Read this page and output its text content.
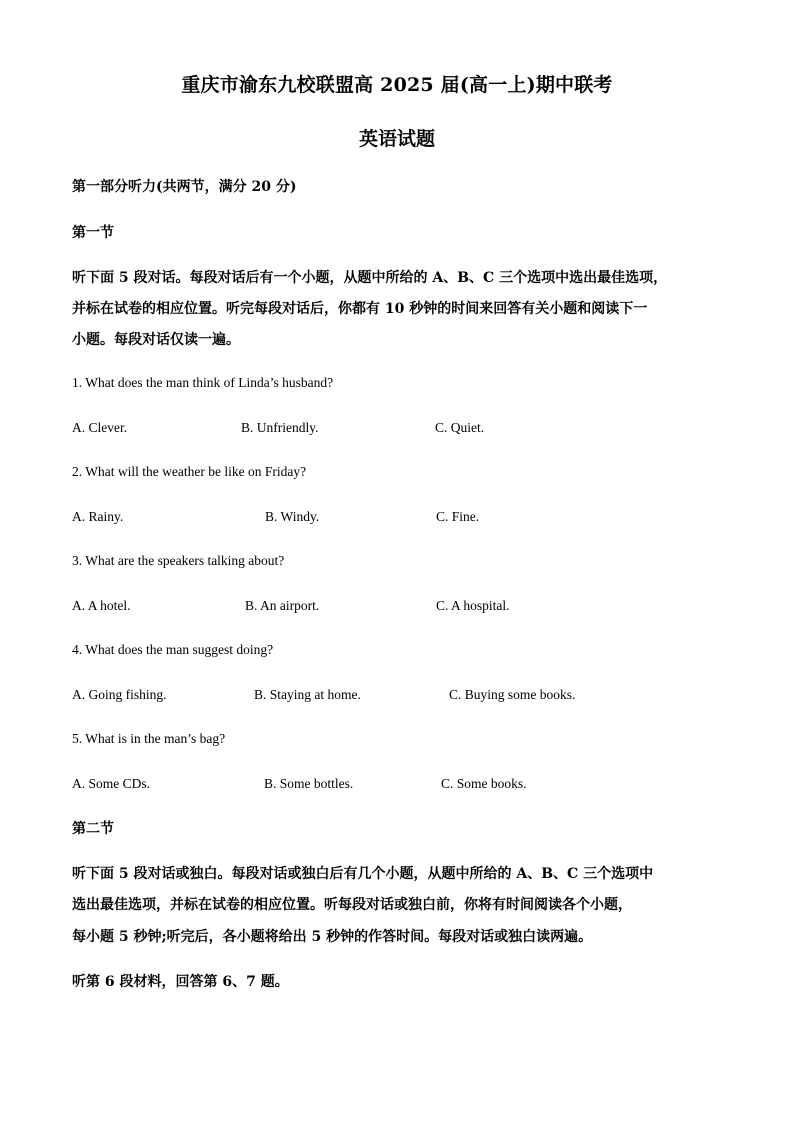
重庆市渝东九校联盟高 2025 届(高一上)期中联考
英语试题
第一部分听力(共两节，满分 20 分)
第一节
听下面 5 段对话。每段对话后有一个小题，从题中所给的 A、B、C 三个选项中选出最佳选项，
并标在试卷的相应位置。听完每段对话后，你都有 10 秒钟的时间来回答有关小题和阅读下一
小题。每段对话仅读一遍。
1. What does the man think of Linda’s husband?
A. Clever.	B. Unfriendly.	C. Quiet.
2. What will the weather be like on Friday?
A. Rainy.	B. Windy.	C. Fine.
3. What are the speakers talking about?
A. A hotel.	B. An airport.	C. A hospital.
4. What does the man suggest doing?
A. Going fishing.	B. Staying at home.	C. Buying some books.
5. What is in the man’s bag?
A. Some CDs.	B. Some bottles.	C. Some books.
第二节
听下面 5 段对话或独白。每段对话或独白后有几个小题，从题中所给的 A、B、C 三个选项中
选出最佳选项，并标在试卷的相应位置。听每段对话或独白前，你将有时间阅读各个小题，
每小题 5 秒钟;听完后，各小题将给出 5 秒钟的作答时间。每段对话或独白读两遍。
听第 6 段材料，回答第 6、7 题。
